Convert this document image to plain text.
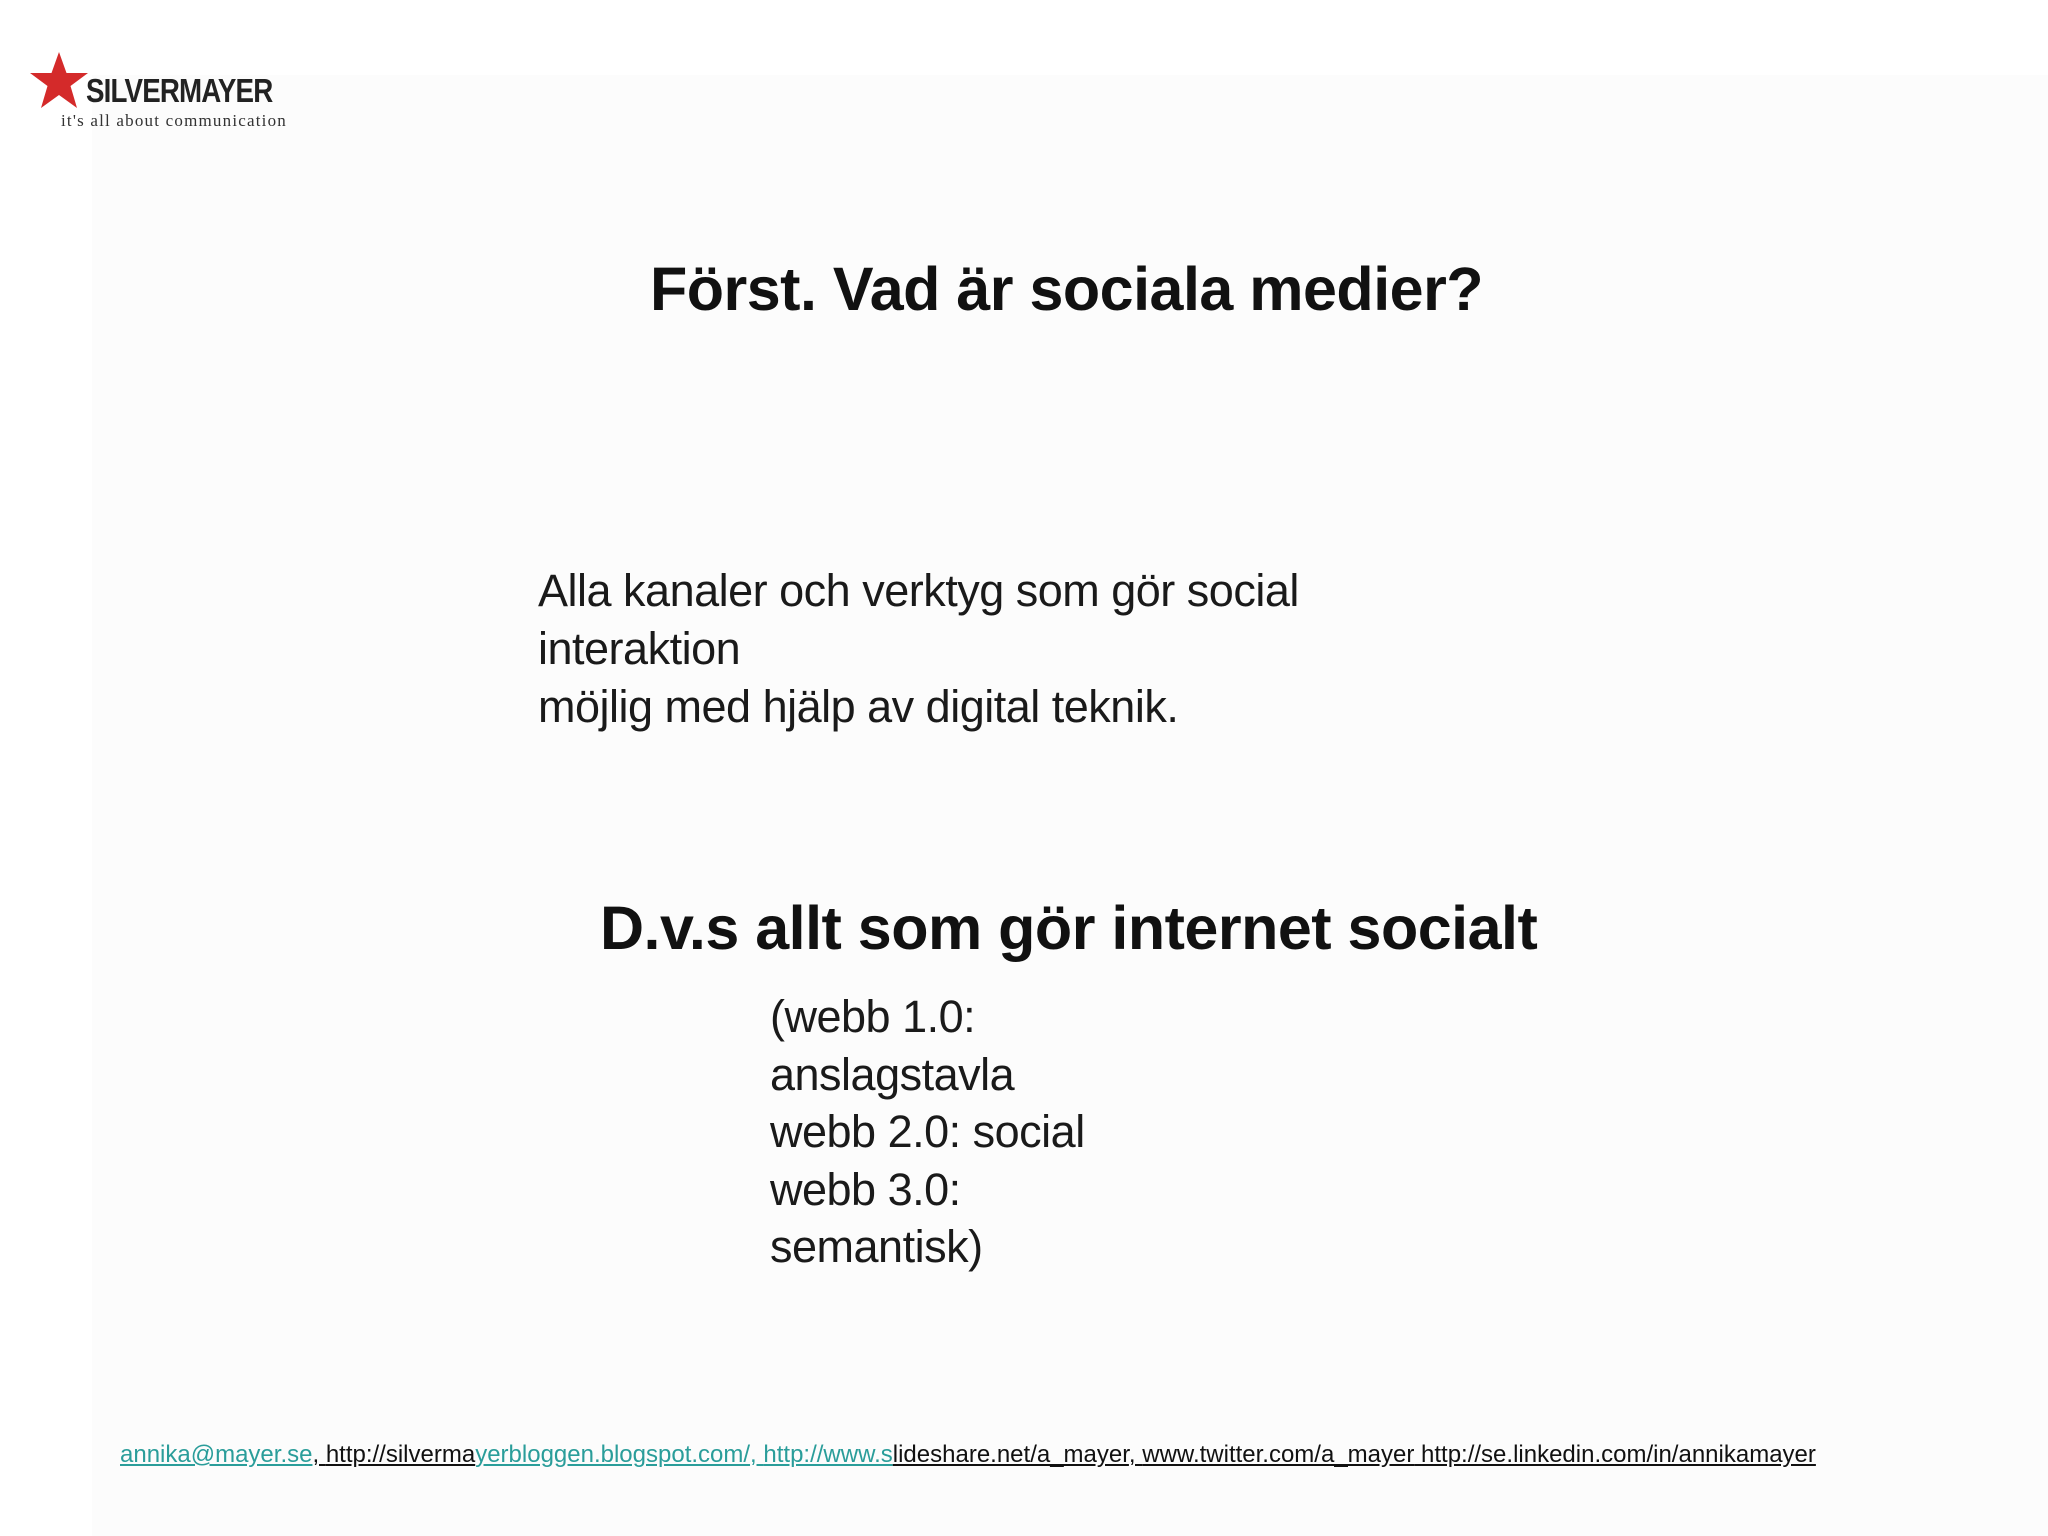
SILVERMAYER
it's all about communication
Först. Vad är sociala medier?
Alla kanaler och verktyg som gör social
interaktion
möjlig med hjälp av digital teknik.
D.v.s allt som gör internet socialt
(webb 1.0:
anslagstavla
webb 2.0: social
webb 3.0:
semantisk)
annika@mayer.se, http://silvermayerbloggen.blogspot.com/, http://www.slideshare.net/a_mayer, www.twitter.com/a_mayer http://se.linkedin.com/in/annikamayer
